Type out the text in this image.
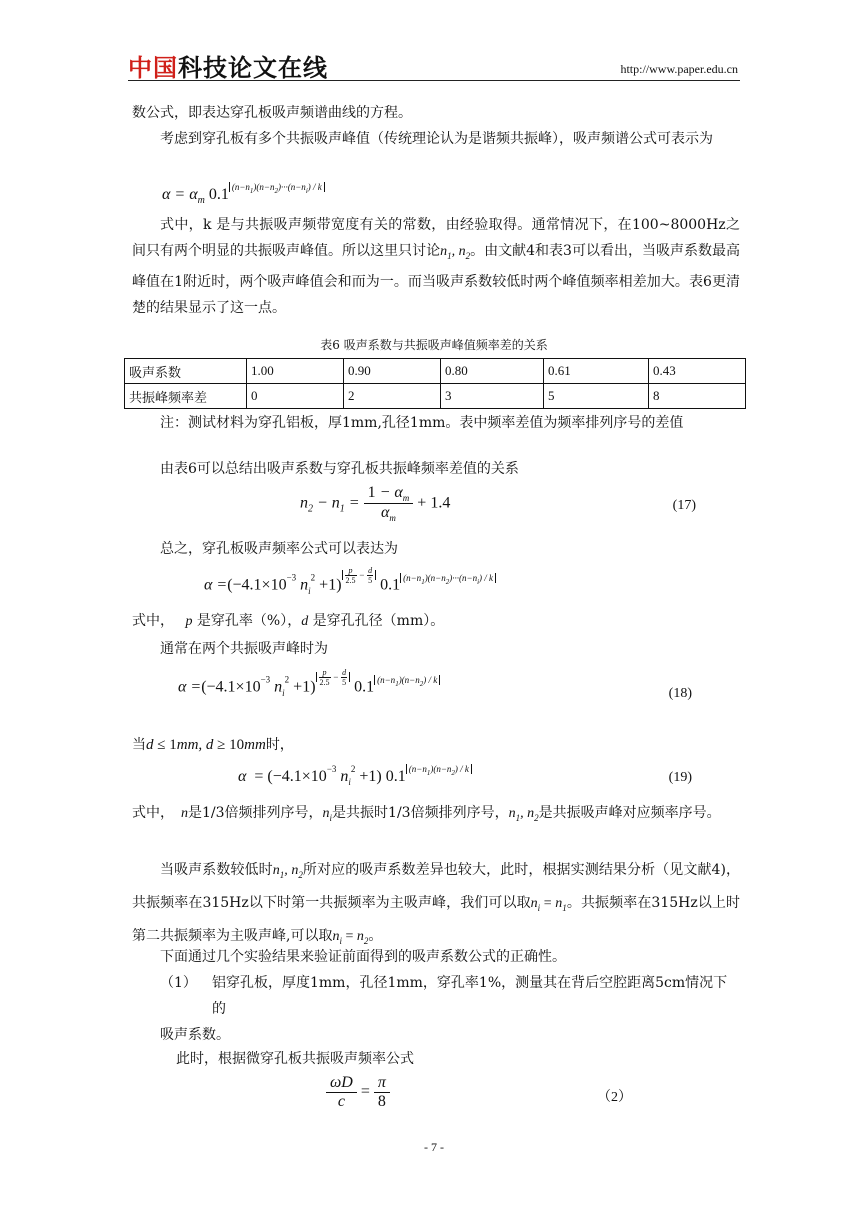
中国 科技论文在线	http://www.paper.edu.cn
数公式，即表达穿孔板吸声频谱曲线的方程。
考虑到穿孔板有多个共振吸声峰值（传统理论认为是谐频共振峰），吸声频谱公式可表示为
$\alpha = \alpha_m$ 0.1 $^{(n-n_1)(n-n_2)\cdot\cdot\cdot(n-n_i) / k}$
式中，k 是与共振吸声频带宽度有关的常数，由经验取得。通常情况下，在100~8000Hz之间只有两个明显的共振吸声峰值。所以这里只讨论$n_1$, $n_2$。由文献4和表3可以看出，当吸声系数最高峰值在1附近时，两个吸声峰值会和而为一。而当吸声系数较低时两个峰值频率相差加大。表6更清楚的结果显示了这一点。
表6 吸声系数与共振吸声峰值频率差的关系
吸声系数	1.00	0.90	0.80	0.61	0.43
共振峰频率差	0	2	3	5	8
注：测试材料为穿孔铝板，厚1mm,孔径1mm。表中频率差值为频率排列序号的差值
由表6可以总结出吸声系数与穿孔板共振峰频率差值的关系
$n_2 - n_1 = \frac{1 - \alpha_m}{\alpha_m} + 1.4$	(17)
总之，穿孔板吸声频率公式可以表达为
$\alpha =(-4.1\times 10^{-3}$ $n_i^2 +1$)
$^{\frac{p}{2.5} - \frac{d}{5}}$
0.1 $^{(n-n_1)(n-n_2)\cdot\cdot\cdot(n-n_i) / k}$
式中，   p 是穿孔率（%），d 是穿孔孔径（mm）。
通常在两个共振吸声峰时为
$\alpha =(-4.1\times 10^{-3}$ $n_i^2 +1$)
$^{\frac{p}{2.5} - \frac{d}{5}}$
0.1 $^{(n-n_1)(n-n_2) / k}$
(18)
当d ≤ 1mm, d ≥ 10mm时，
$\alpha = (-4.1\times 10^{-3}$ $n_i^2 +1$) 0.1 $^{(n-n_1)(n-n_2) / k}$
(19)
式中，  n是1/3倍频排列序号，$n_i$是共振时1/3倍频排列序号，$n_1$, $n_2$是共振吸声峰对应频率序号。
当吸声系数较低时$n_1$, $n_2$所对应的吸声系数差异也较大，此时，根据实测结果分析（见文献4)，共振频率在315Hz以下时第一共振频率为主吸声峰，我们可以取$n_i = n_1$。共振频率在315Hz以上时第二共振频率为主吸声峰,可以取$n_i = n_2$。
下面通过几个实验结果来验证前面得到的吸声系数公式的正确性。
（1） 铝穿孔板，厚度1mm，孔径1mm，穿孔率1%，测量其在背后空腔距离5cm情况下的
吸声系数。
此时，根据微穿孔板共振吸声频率公式
$\frac{\omega D}{c} = \frac{\pi}{8}$	（2）
- 7 -
